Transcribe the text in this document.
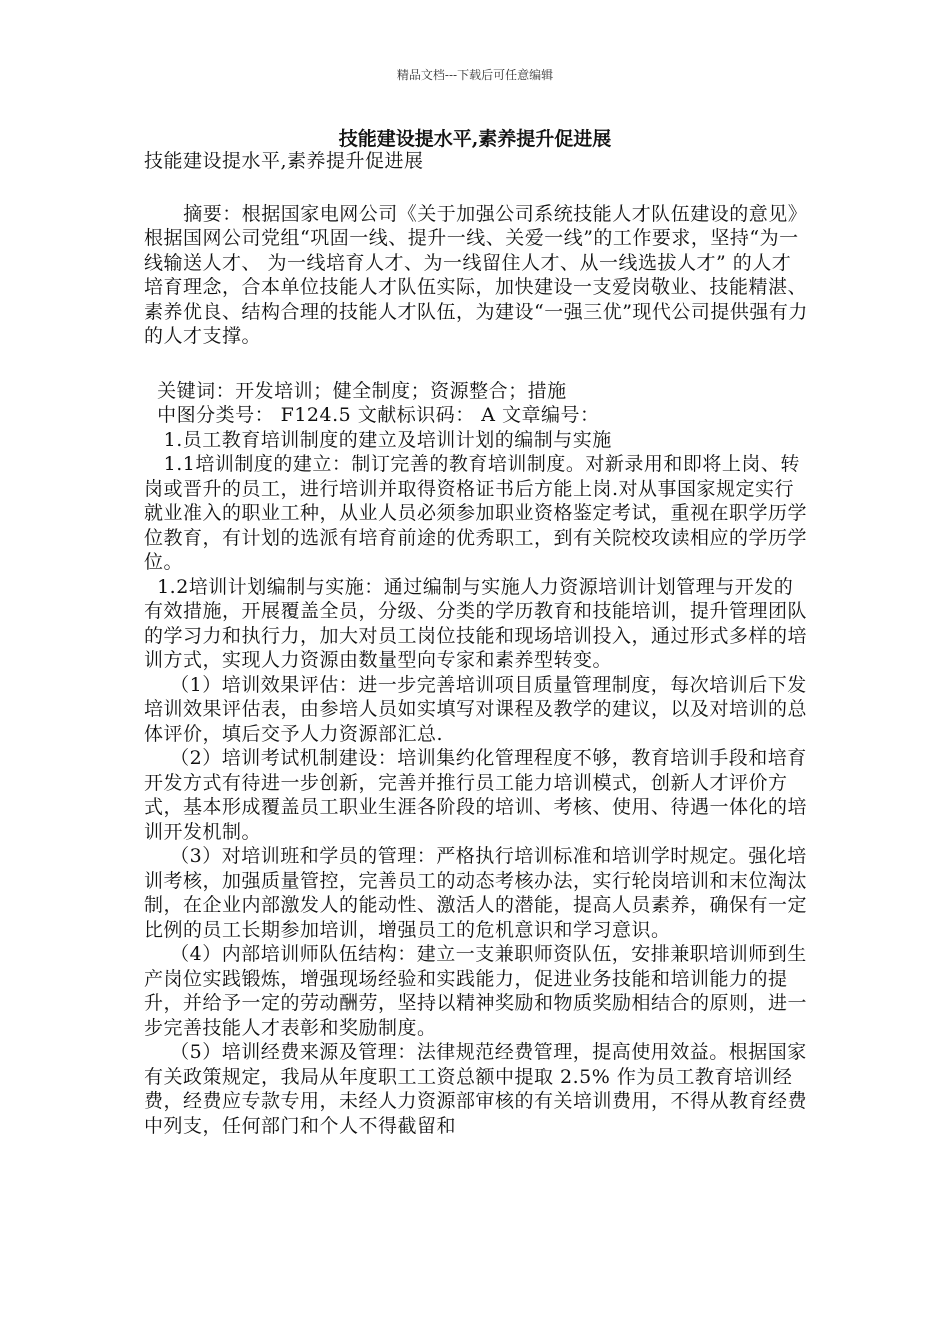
精品文档---下载后可任意编辑
技能建设提水平,素养提升促进展

技能建设提水平,素养提升促进展

摘要：根据国家电网公司《关于加强公司系统技能人才队伍建设的意见》根据国网公司党组“巩固一线、提升一线、关爱一线”的工作要求，坚持“为一线输送人才、 为一线培育人才、为一线留住人才、从一线选拔人才” 的人才培育理念，合本单位技能人才队伍实际，加快建设一支爱岗敬业、技能精湛、素养优良、结构合理的技能人才队伍，为建设“一强三优”现代公司提供强有力的人才支撑。

关键词：开发培训；健全制度；资源整合；措施

中图分类号： F124.5 文献标识码： A 文章编号：

1.员工教育培训制度的建立及培训计划的编制与实施

1.1培训制度的建立：制订完善的教育培训制度。对新录用和即将上岗、转岗或晋升的员工，进行培训并取得资格证书后方能上岗.对从事国家规定实行就业准入的职业工种，从业人员必须参加职业资格鉴定考试，重视在职学历学位教育，有计划的选派有培育前途的优秀职工，到有关院校攻读相应的学历学位。

1.2培训计划编制与实施：通过编制与实施人力资源培训计划管理与开发的有效措施，开展覆盖全员，分级、分类的学历教育和技能培训，提升管理团队的学习力和执行力，加大对员工岗位技能和现场培训投入，通过形式多样的培训方式，实现人力资源由数量型向专家和素养型转变。

（1）培训效果评估：进一步完善培训项目质量管理制度，每次培训后下发培训效果评估表，由参培人员如实填写对课程及教学的建议，以及对培训的总体评价，填后交予人力资源部汇总.

（2）培训考试机制建设：培训集约化管理程度不够，教育培训手段和培育开发方式有待进一步创新，完善并推行员工能力培训模式，创新人才评价方式，基本形成覆盖员工职业生涯各阶段的培训、考核、使用、待遇一体化的培训开发机制。

（3）对培训班和学员的管理：严格执行培训标准和培训学时规定。强化培训考核，加强质量管控，完善员工的动态考核办法，实行轮岗培训和末位淘汰制，在企业内部激发人的能动性、激活人的潜能，提高人员素养，确保有一定比例的员工长期参加培训，增强员工的危机意识和学习意识。

（4）内部培训师队伍结构：建立一支兼职师资队伍，安排兼职培训师到生产岗位实践锻炼，增强现场经验和实践能力，促进业务技能和培训能力的提升，并给予一定的劳动酬劳，坚持以精神奖励和物质奖励相结合的原则，进一步完善技能人才表彰和奖励制度。

（5）培训经费来源及管理：法律规范经费管理，提高使用效益。根据国家有关政策规定，我局从年度职工工资总额中提取 2.5% 作为员工教育培训经费，经费应专款专用，未经人力资源部审核的有关培训费用，不得从教育经费中列支，任何部门和个人不得截留和
